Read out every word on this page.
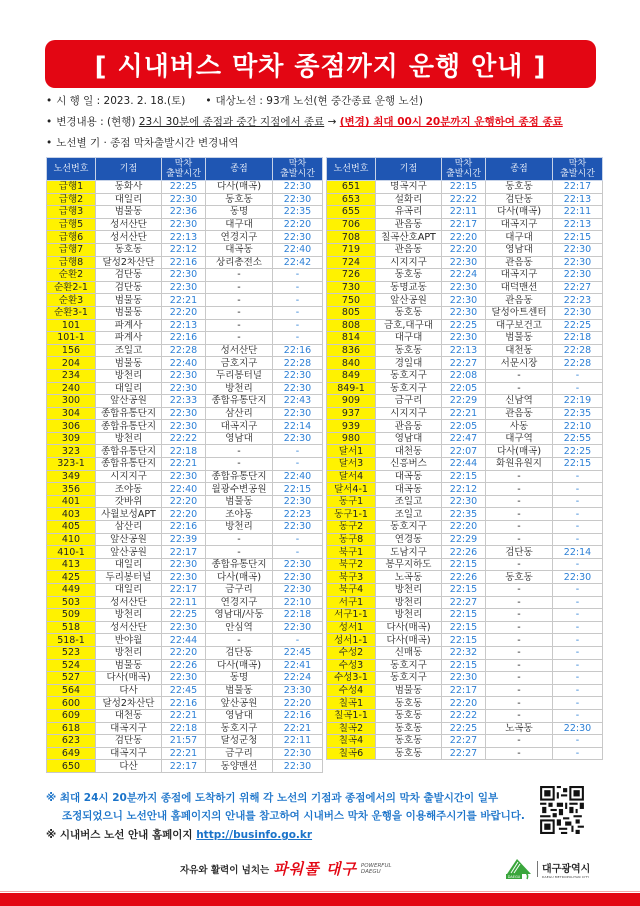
[ 시내버스 막차 종점까지 운행 안내 ]
• 시 행 일 : 2023. 2. 18.(토) • 대상노선 : 93개 노선(현 중간종료 운행 노선)
• 변경내용 : (현행) 23시 30분에 종점과 중간 지점에서 종료 → (변경) 최대 00시 20분까지 운행하여 종점 종료
• 노선별 기 · 종점 막차출발시간 변경내역
노선번호	기점	막차
출발시간	종점	막차
출발시간
급행1	동화사	22:25	다사(매곡)	22:30
급행2	대일리	22:30	동호동	22:30
급행3	범물동	22:36	동명	22:35
급행5	성서산단	22:30	대구대	22:20
급행6	성서산단	22:13	연경지구	22:30
급행7	동호동	22:12	대곡동	22:40
급행8	달성2차산단	22:16	상리총전소	22:42
순환2	검단동	22:30	-	-
순환2-1	검단동	22:30	-	-
순환3	범물동	22:21	-	-
순환3-1	범물동	22:20	-	-
101	파계사	22:13	-	-
101-1	파계사	22:16	-	-
156	조일고	22:28	성서산단	22:16
204	범물동	22:40	금호지구	22:28
234	방천리	22:30	두리봉터널	22:30
240	대일리	22:30	방천리	22:30
300	앞산공원	22:33	종합유통단지	22:43
304	종합유통단지	22:30	삼산리	22:30
306	종합유통단지	22:30	대곡지구	22:14
309	방천리	22:22	영남대	22:30
323	종합유통단지	22:18	-	-
323-1	종합유통단지	22:21	-	-
349	시지지구	22:30	종합유통단지	22:40
356	조야동	22:40	월광수변공원	22:15
401	갓바위	22:20	범물동	22:30
403	사월보성APT	22:20	조야동	22:23
405	삼산리	22:16	방천리	22:30
410	앞산공원	22:39	-	-
410-1	앞산공원	22:17	-	-
413	대일리	22:30	종합유통단지	22:30
425	두리봉터널	22:30	다사(매곡)	22:30
449	대일리	22:17	금구리	22:30
503	성서산단	22:11	연경지구	22:10
509	방천리	22:25	영남대/사동	22:18
518	성서산단	22:30	안심역	22:30
518-1	반야월	22:44	-	-
523	방천리	22:20	검단동	22:45
524	범물동	22:26	다사(매곡)	22:41
527	다사(매곡)	22:30	동명	22:24
564	다사	22:45	범물동	23:30
600	달성2차산단	22:16	앞산공원	22:20
609	대천동	22:21	영남대	22:16
618	대곡지구	22:18	동호지구	22:21
623	검단동	21:57	달성군청	22:11
649	대곡지구	22:21	금구리	22:30
650	다산	22:17	동양맨션	22:30
노선번호	기점	막차
출발시간	종점	막차
출발시간
651	명곡지구	22:15	동호동	22:17
653	설화리	22:22	검단동	22:13
655	유곡리	22:11	다사(매곡)	22:11
706	관음동	22:17	대곡지구	22:13
708	칠곡산호APT	22:20	대구대	22:15
719	관음동	22:20	영남대	22:30
724	시지지구	22:30	관음동	22:30
726	동호동	22:24	대곡지구	22:30
730	동명교동	22:30	대덕맨션	22:27
750	앞산공원	22:30	관음동	22:23
805	동호동	22:30	달성아트센터	22:30
808	금호,대구대	22:25	대구보건고	22:25
814	대구대	22:30	범물동	22:18
836	동호동	22:13	대천동	22:28
840	경일대	22:27	서문시장	22:28
849	동호지구	22:08	-	-
849-1	동호지구	22:05	-	-
909	금구리	22:29	신남역	22:19
937	시지지구	22:21	관음동	22:35
939	관음동	22:05	사동	22:10
980	영남대	22:47	대구역	22:55
달서1	대천동	22:07	다사(매곡)	22:25
달서3	신흥버스	22:44	화원유원지	22:15
달서4	대곡동	22:15	-	-
달서4-1	대곡동	22:12	-	-
동구1	조일고	22:30	-	-
동구1-1	조일고	22:35	-	-
동구2	동호지구	22:20	-	-
동구8	연경동	22:29	-	-
북구1	도남지구	22:26	검단동	22:14
북구2	봉무지하도	22:15	-	-
북구3	노곡동	22:26	동호동	22:30
북구4	방천리	22:15	-	-
서구1	방천리	22:27	-	-
서구1-1	방천리	22:15	-	-
성서1	다사(매곡)	22:15	-	-
성서1-1	다사(매곡)	22:15	-	-
수성2	신매동	22:32	-	-
수성3	동호지구	22:15	-	-
수성3-1	동호지구	22:30	-	-
수성4	범물동	22:17	-	-
칠곡1	동호동	22:20	-	-
칠곡1-1	동호동	22:22	-	-
칠곡2	동호동	22:25	노곡동	22:30
칠곡4	동호동	22:27	-	-
칠곡6	동호동	22:27	-	-
※ 최대 24시 20분까지 종점에 도착하기 위해 각 노선의 기점과 종점에서의 막차 출발시간이 일부
조정되었으니 노선안내 홈페이지의 안내를 참고하여 시내버스 막차 운행을 이용해주시기를 바랍니다.
※ 시내버스 노선 안내 홈페이지 http://businfo.go.kr
자유와 활력이 넘치는 파워풀 대구 POWERFUL DAEGU
DAEGU
대구광역시
DAEGU METROPOLITAN CITY
